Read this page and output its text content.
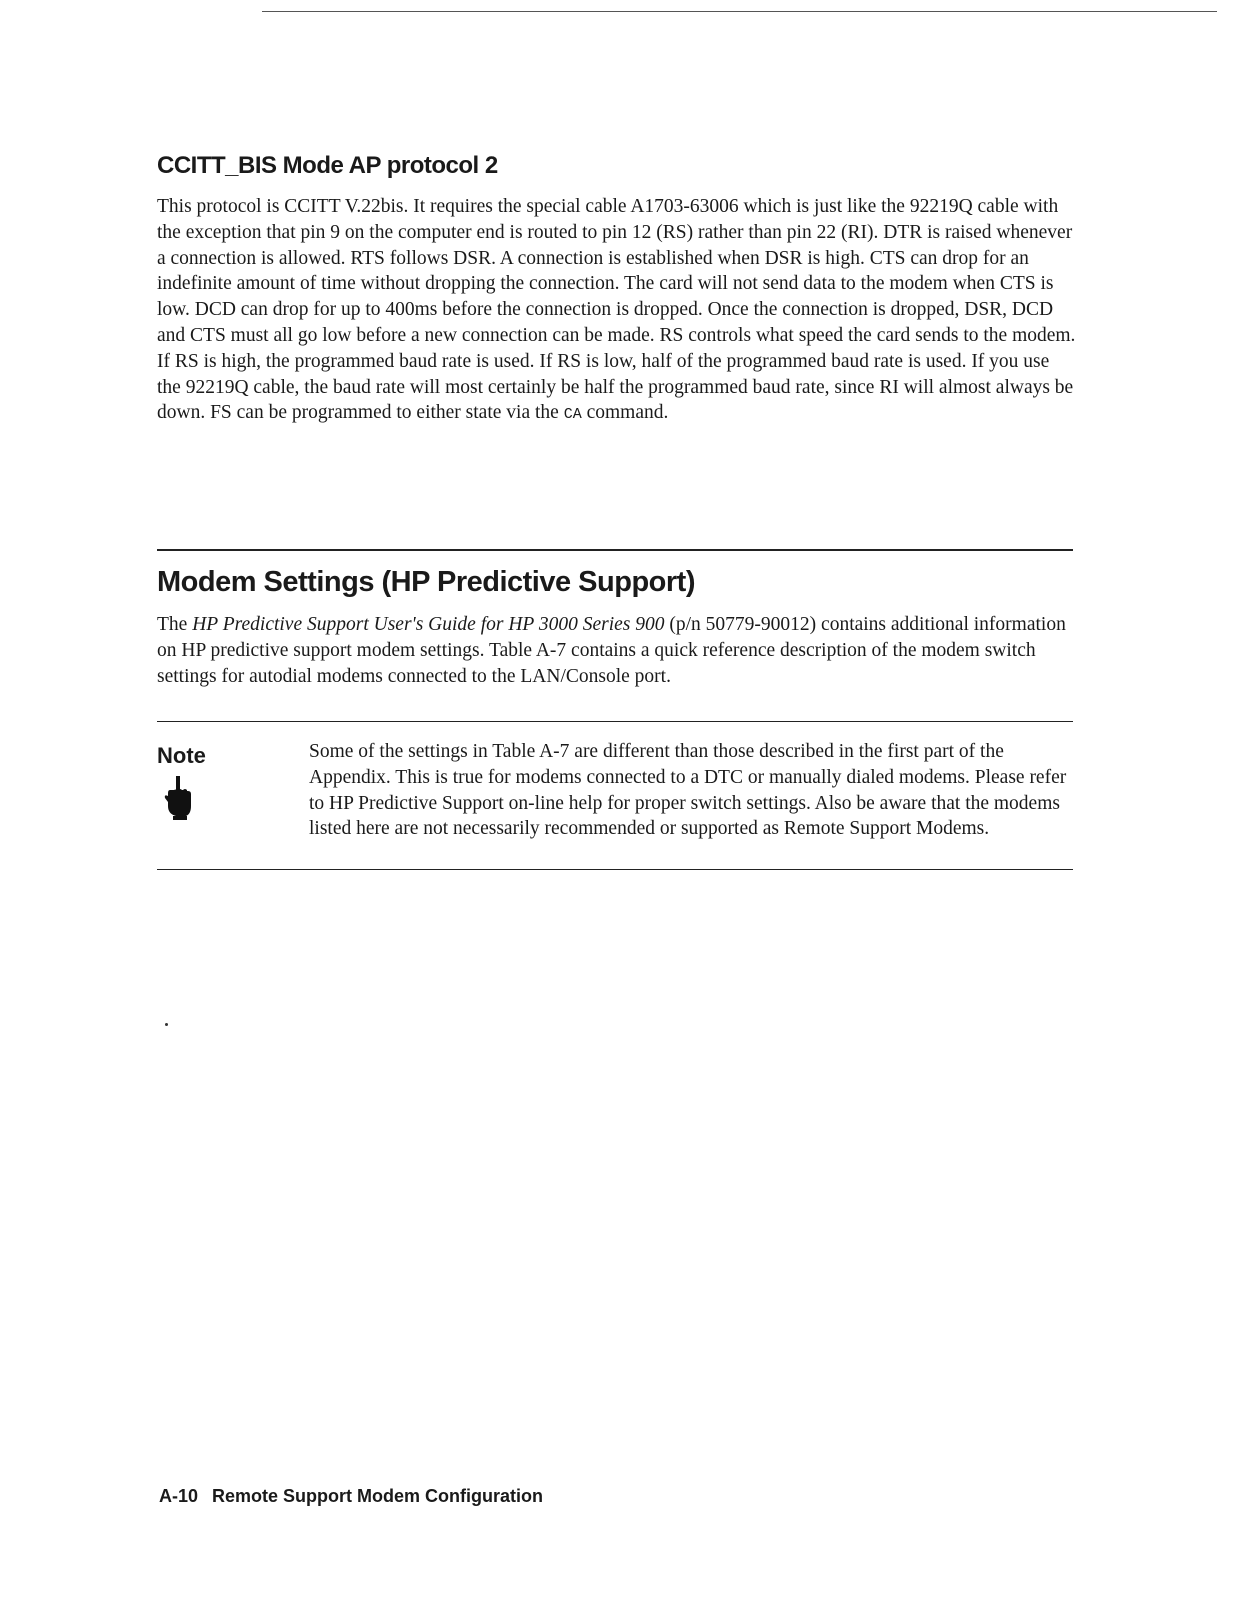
CCITT_BIS Mode AP protocol 2

This protocol is CCITT V.22bis. It requires the special cable A1703-63006 which is just like the 92219Q cable with the exception that pin 9 on the computer end is routed to pin 12 (RS) rather than pin 22 (RI). DTR is raised whenever a connection is allowed. RTS follows DSR. A connection is established when DSR is high. CTS can drop for an indefinite amount of time without dropping the connection. The card will not send data to the modem when CTS is low. DCD can drop for up to 400ms before the connection is dropped. Once the connection is dropped, DSR, DCD and CTS must all go low before a new connection can be made. RS controls what speed the card sends to the modem. If RS is high, the programmed baud rate is used. If RS is low, half of the programmed baud rate is used. If you use the 92219Q cable, the baud rate will most certainly be half the programmed baud rate, since RI will almost always be down. FS can be programmed to either state via the CA command.

Modem Settings (HP Predictive Support)

The HP Predictive Support User's Guide for HP 3000 Series 900 (p/n 50779-90012) contains additional information on HP predictive support modem settings. Table A-7 contains a quick reference description of the modem switch settings for autodial modems connected to the LAN/Console port.

Note	Some of the settings in Table A-7 are different than those described in the first part of the Appendix. This is true for modems connected to a DTC or manually dialed modems. Please refer to HP Predictive Support on-line help for proper switch settings. Also be aware that the modems listed here are not necessarily recommended or supported as Remote Support Modems.

A-10 Remote Support Modem Configuration
